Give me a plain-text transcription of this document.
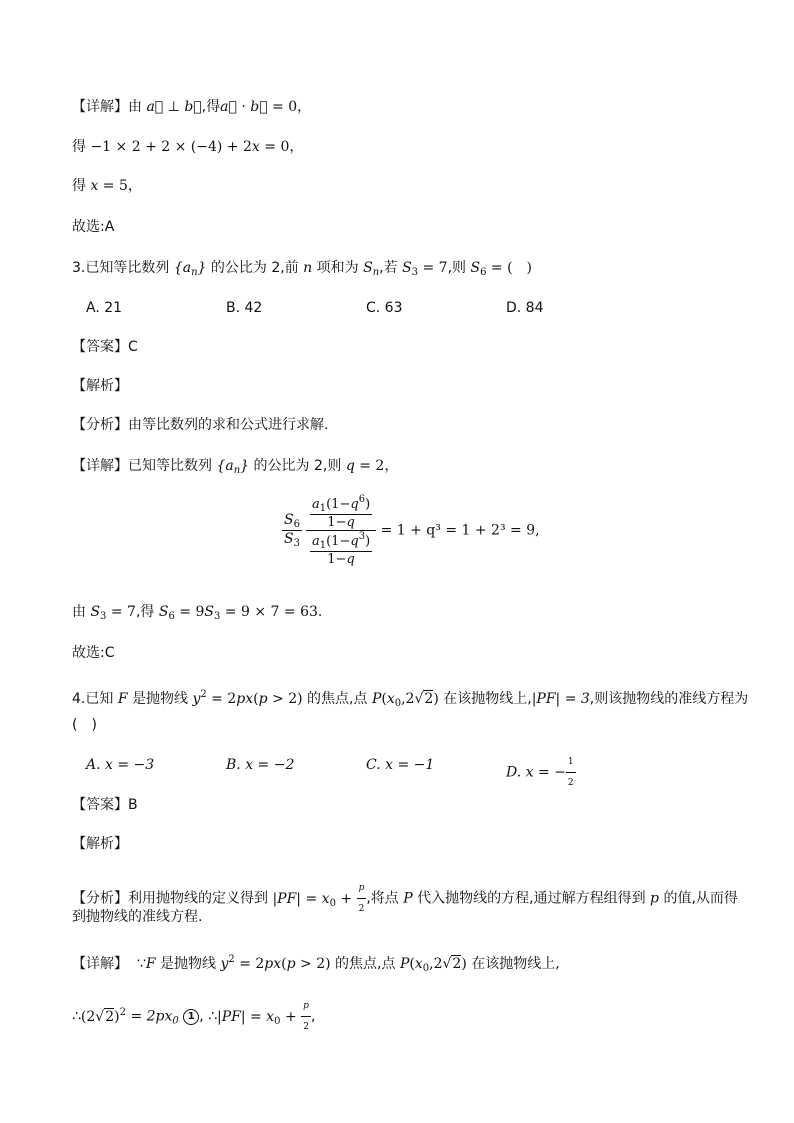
【详解】由 a⃗ ⊥ b⃗,得a⃗ · b⃗ = 0，
得 −1 × 2 + 2 × (−4) + 2x = 0，
得 x = 5，
故选:A
3.已知等比数列 $\{a_n\}$ 的公比为 2,前 n 项和为 $S_n$,若 $S_3 = 7$,则 $S_6$ = (　)
A. 21	B. 42	C. 63	D. 84
【答案】C
【解析】
【分析】由等比数列的求和公式进行求解.
【详解】已知等比数列 $\{a_n\}$ 的公比为 2,则 q = 2，
$\frac{S_6}{S_3} \frac{\frac{a_1(1-q^6)}{1-q}}{\frac{a_1(1-q^3)}{1-q}} = 1 + q^3 = 1 + 2^3 = 9$,
由 $S_3 = 7$,得 $S_6 = 9S_3 = 9 \times 7 = 63$.
故选:C
4.已知 F 是抛物线 $y^2 = 2px(p > 2)$ 的焦点,点 $P(x_0,2√2)$ 在该抛物线上,|PF| = 3,则该抛物线的准线方程为
(　)
A. x = −3	B. x = −2	C. x = −1	D. x = − $\frac{1}{2}$
【答案】B
【解析】
【分析】利用抛物线的定义得到 $|PF| = x_0 + \frac{p}{2}$ ,将点 P 代入抛物线的方程,通过解方程组得到 p 的值,从而得
到抛物线的准线方程.
【详解】 ∵F 是抛物线 $y^2 = 2px(p > 2)$ 的焦点,点 $P(x_0,2√2)$ 在该抛物线上,
$\therefore(2√2)^2 = 2px_0$ 1 , ∴|PF| = $x_0 + \frac{p}{2}$ ,
